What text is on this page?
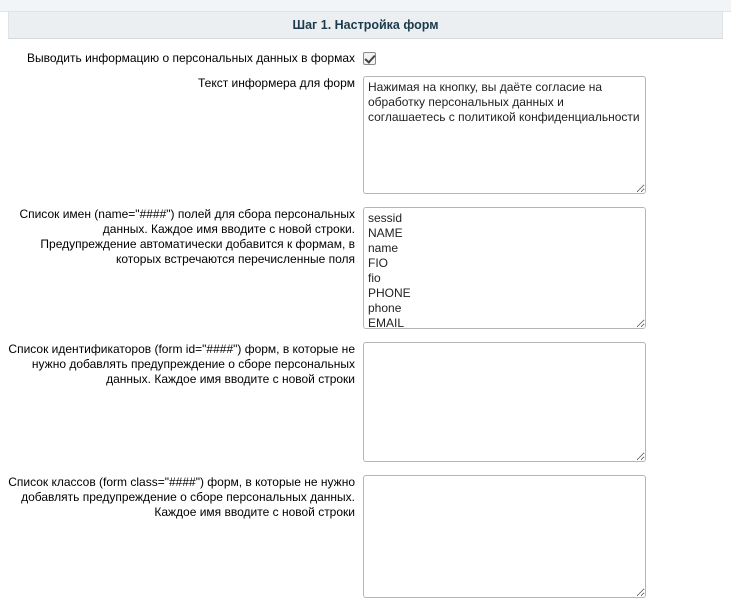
Шаг 1. Настройка форм
Выводить информацию о персональных данных в формах
Текст информера для форм
Нажимая на кнопку, вы даёте согласие на обработку персональных данных и соглашаетесь с политикой конфиденциальности
Список имен (name="####") полей для сбора персональных данных. Каждое имя вводите с новой строки. Предупреждение автоматически добавится к формам, в которых встречаются перечисленные поля
sessid NAME name FIO fio PHONE phone EMAIL email
Список идентификаторов (form id="####") форм, в которые не нужно добавлять предупреждение о сборе персональных данных. Каждое имя вводите с новой строки
Список классов (form class="####") форм, в которые не нужно добавлять предупреждение о сборе персональных данных. Каждое имя вводите с новой строки
